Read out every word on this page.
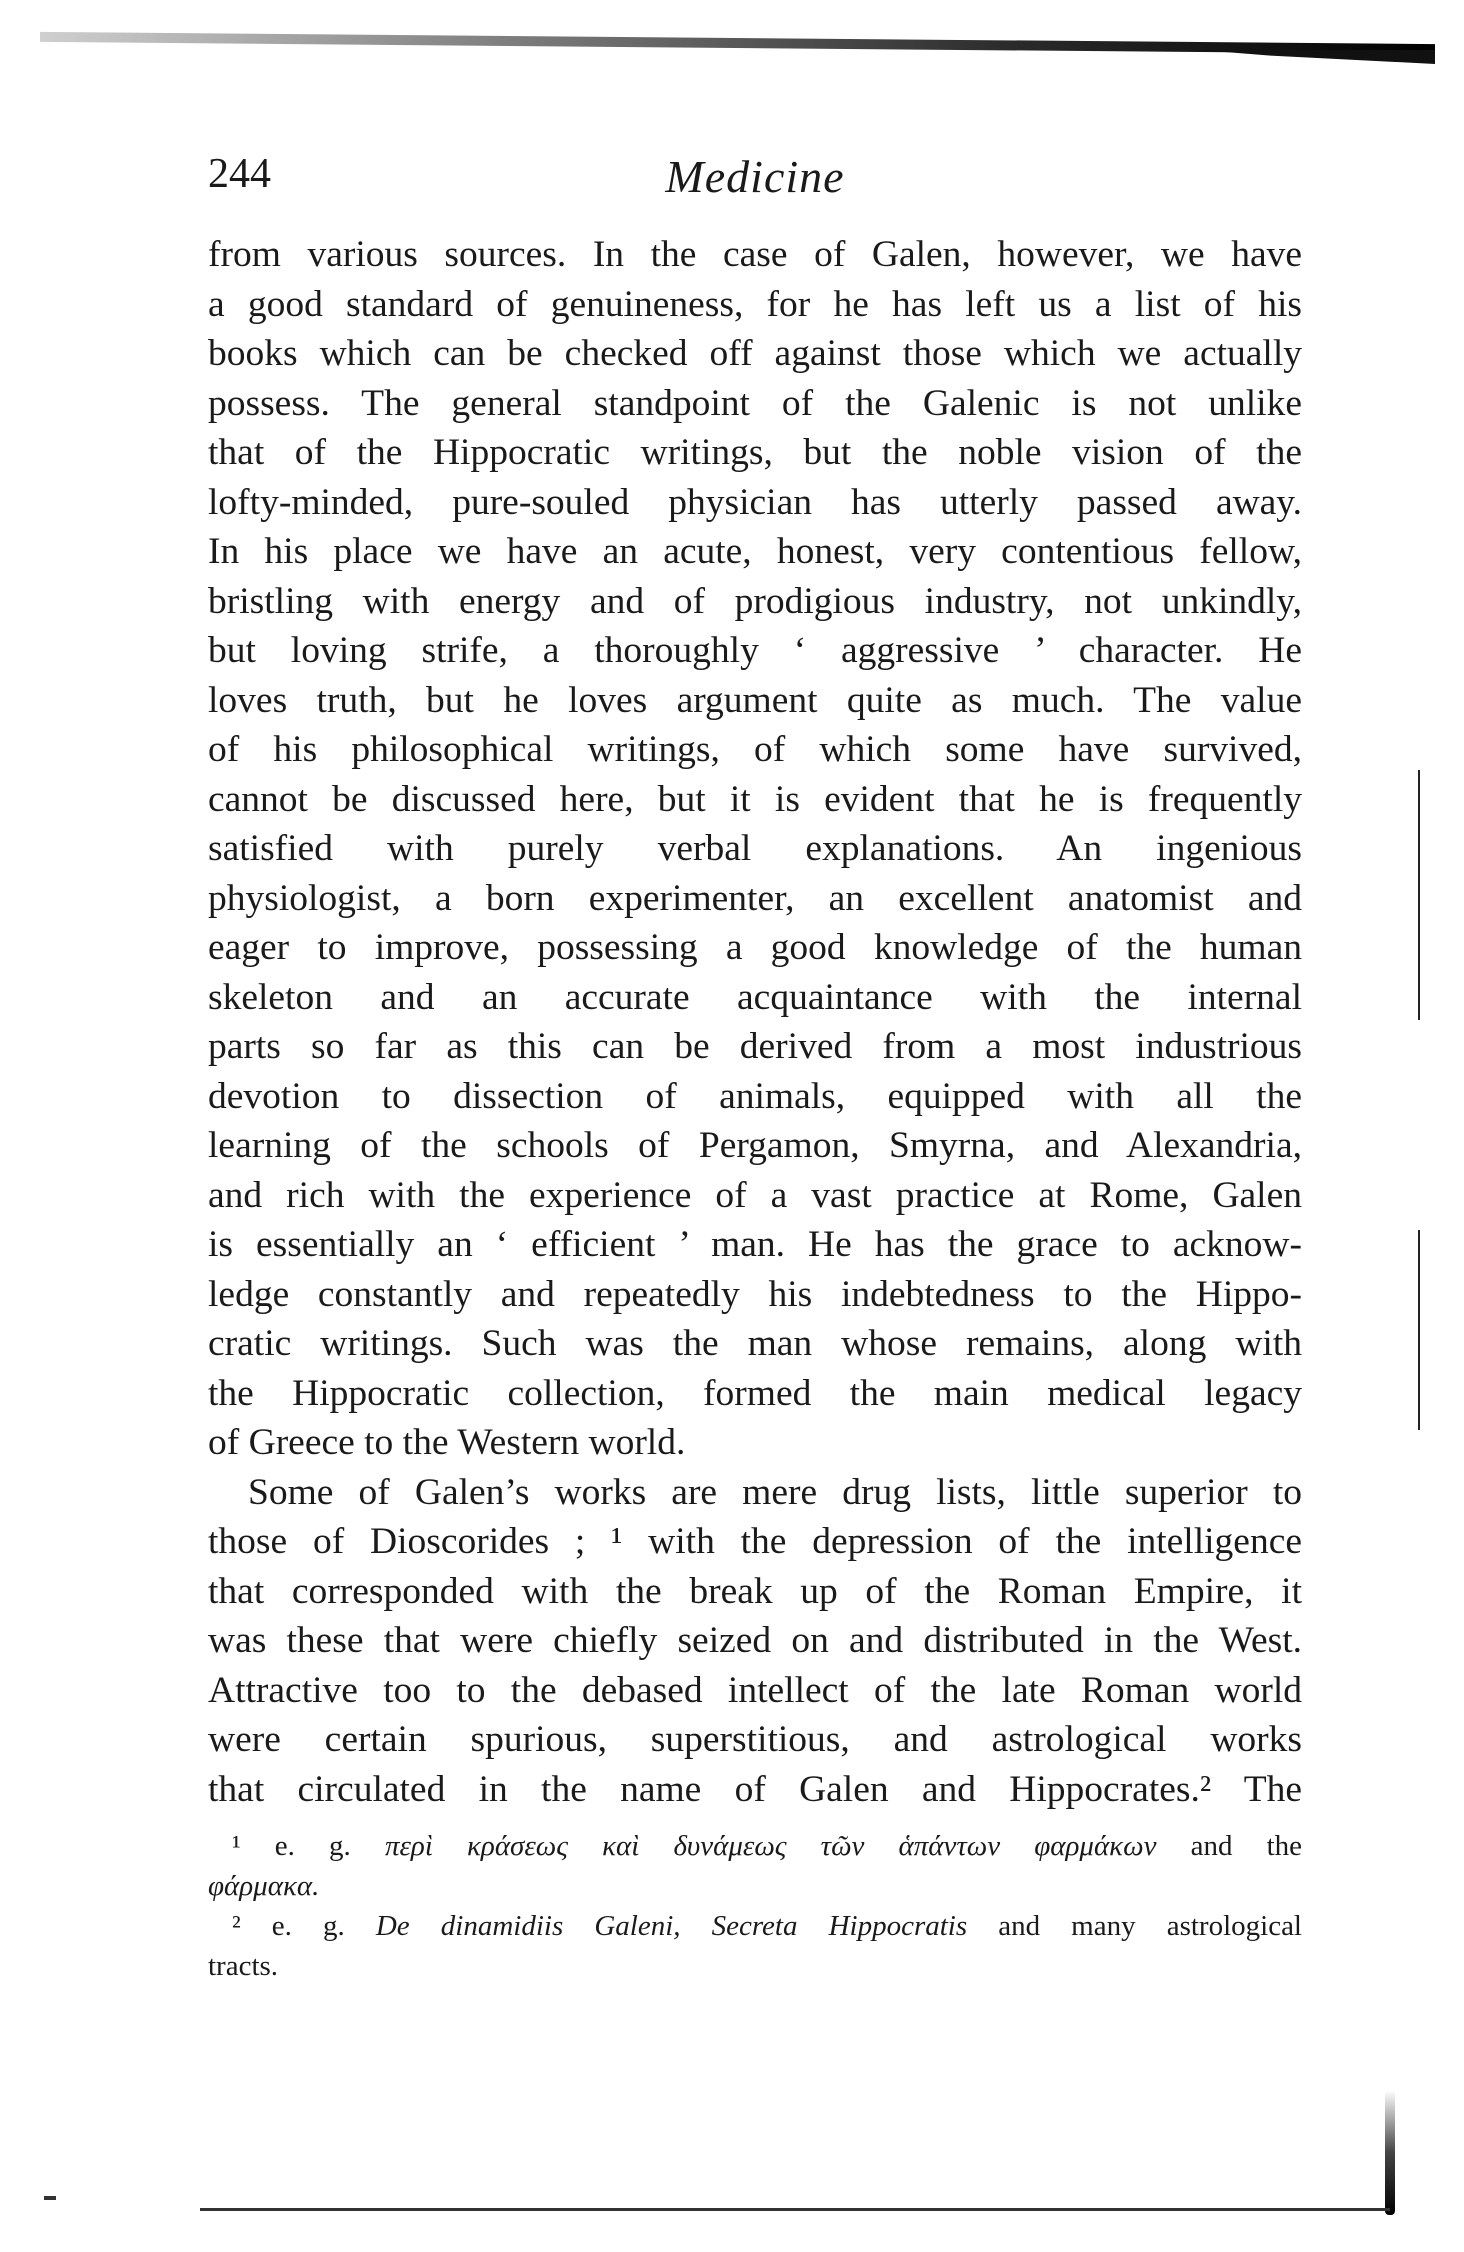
244	Medicine
from various sources. In the case of Galen, however, we have
a good standard of genuineness, for he has left us a list of his
books which can be checked off against those which we actually
possess. The general standpoint of the Galenic is not unlike
that of the Hippocratic writings, but the noble vision of the
lofty-minded, pure-souled physician has utterly passed away.
In his place we have an acute, honest, very contentious fellow,
bristling with energy and of prodigious industry, not unkindly,
but loving strife, a thoroughly ‘ aggressive ’ character. He
loves truth, but he loves argument quite as much. The value
of his philosophical writings, of which some have survived,
cannot be discussed here, but it is evident that he is frequently
satisfied with purely verbal explanations. An ingenious
physiologist, a born experimenter, an excellent anatomist and
eager to improve, possessing a good knowledge of the human
skeleton and an accurate acquaintance with the internal
parts so far as this can be derived from a most industrious
devotion to dissection of animals, equipped with all the
learning of the schools of Pergamon, Smyrna, and Alexandria,
and rich with the experience of a vast practice at Rome, Galen
is essentially an ‘ efficient ’ man. He has the grace to acknow-
ledge constantly and repeatedly his indebtedness to the Hippo-
cratic writings. Such was the man whose remains, along with
the Hippocratic collection, formed the main medical legacy
of Greece to the Western world.
Some of Galen’s works are mere drug lists, little superior to
those of Dioscorides ; ¹ with the depression of the intelligence
that corresponded with the break up of the Roman Empire, it
was these that were chiefly seized on and distributed in the West.
Attractive too to the debased intellect of the late Roman world
were certain spurious, superstitious, and astrological works
that circulated in the name of Galen and Hippocrates.² The
¹ e. g. περὶ κράσεως καὶ δυνάμεως τῶν ἁπάντων φαρμάκων and the
φάρμακα.
² e. g. De dinamidiis Galeni, Secreta Hippocratis and many astrological
tracts.
